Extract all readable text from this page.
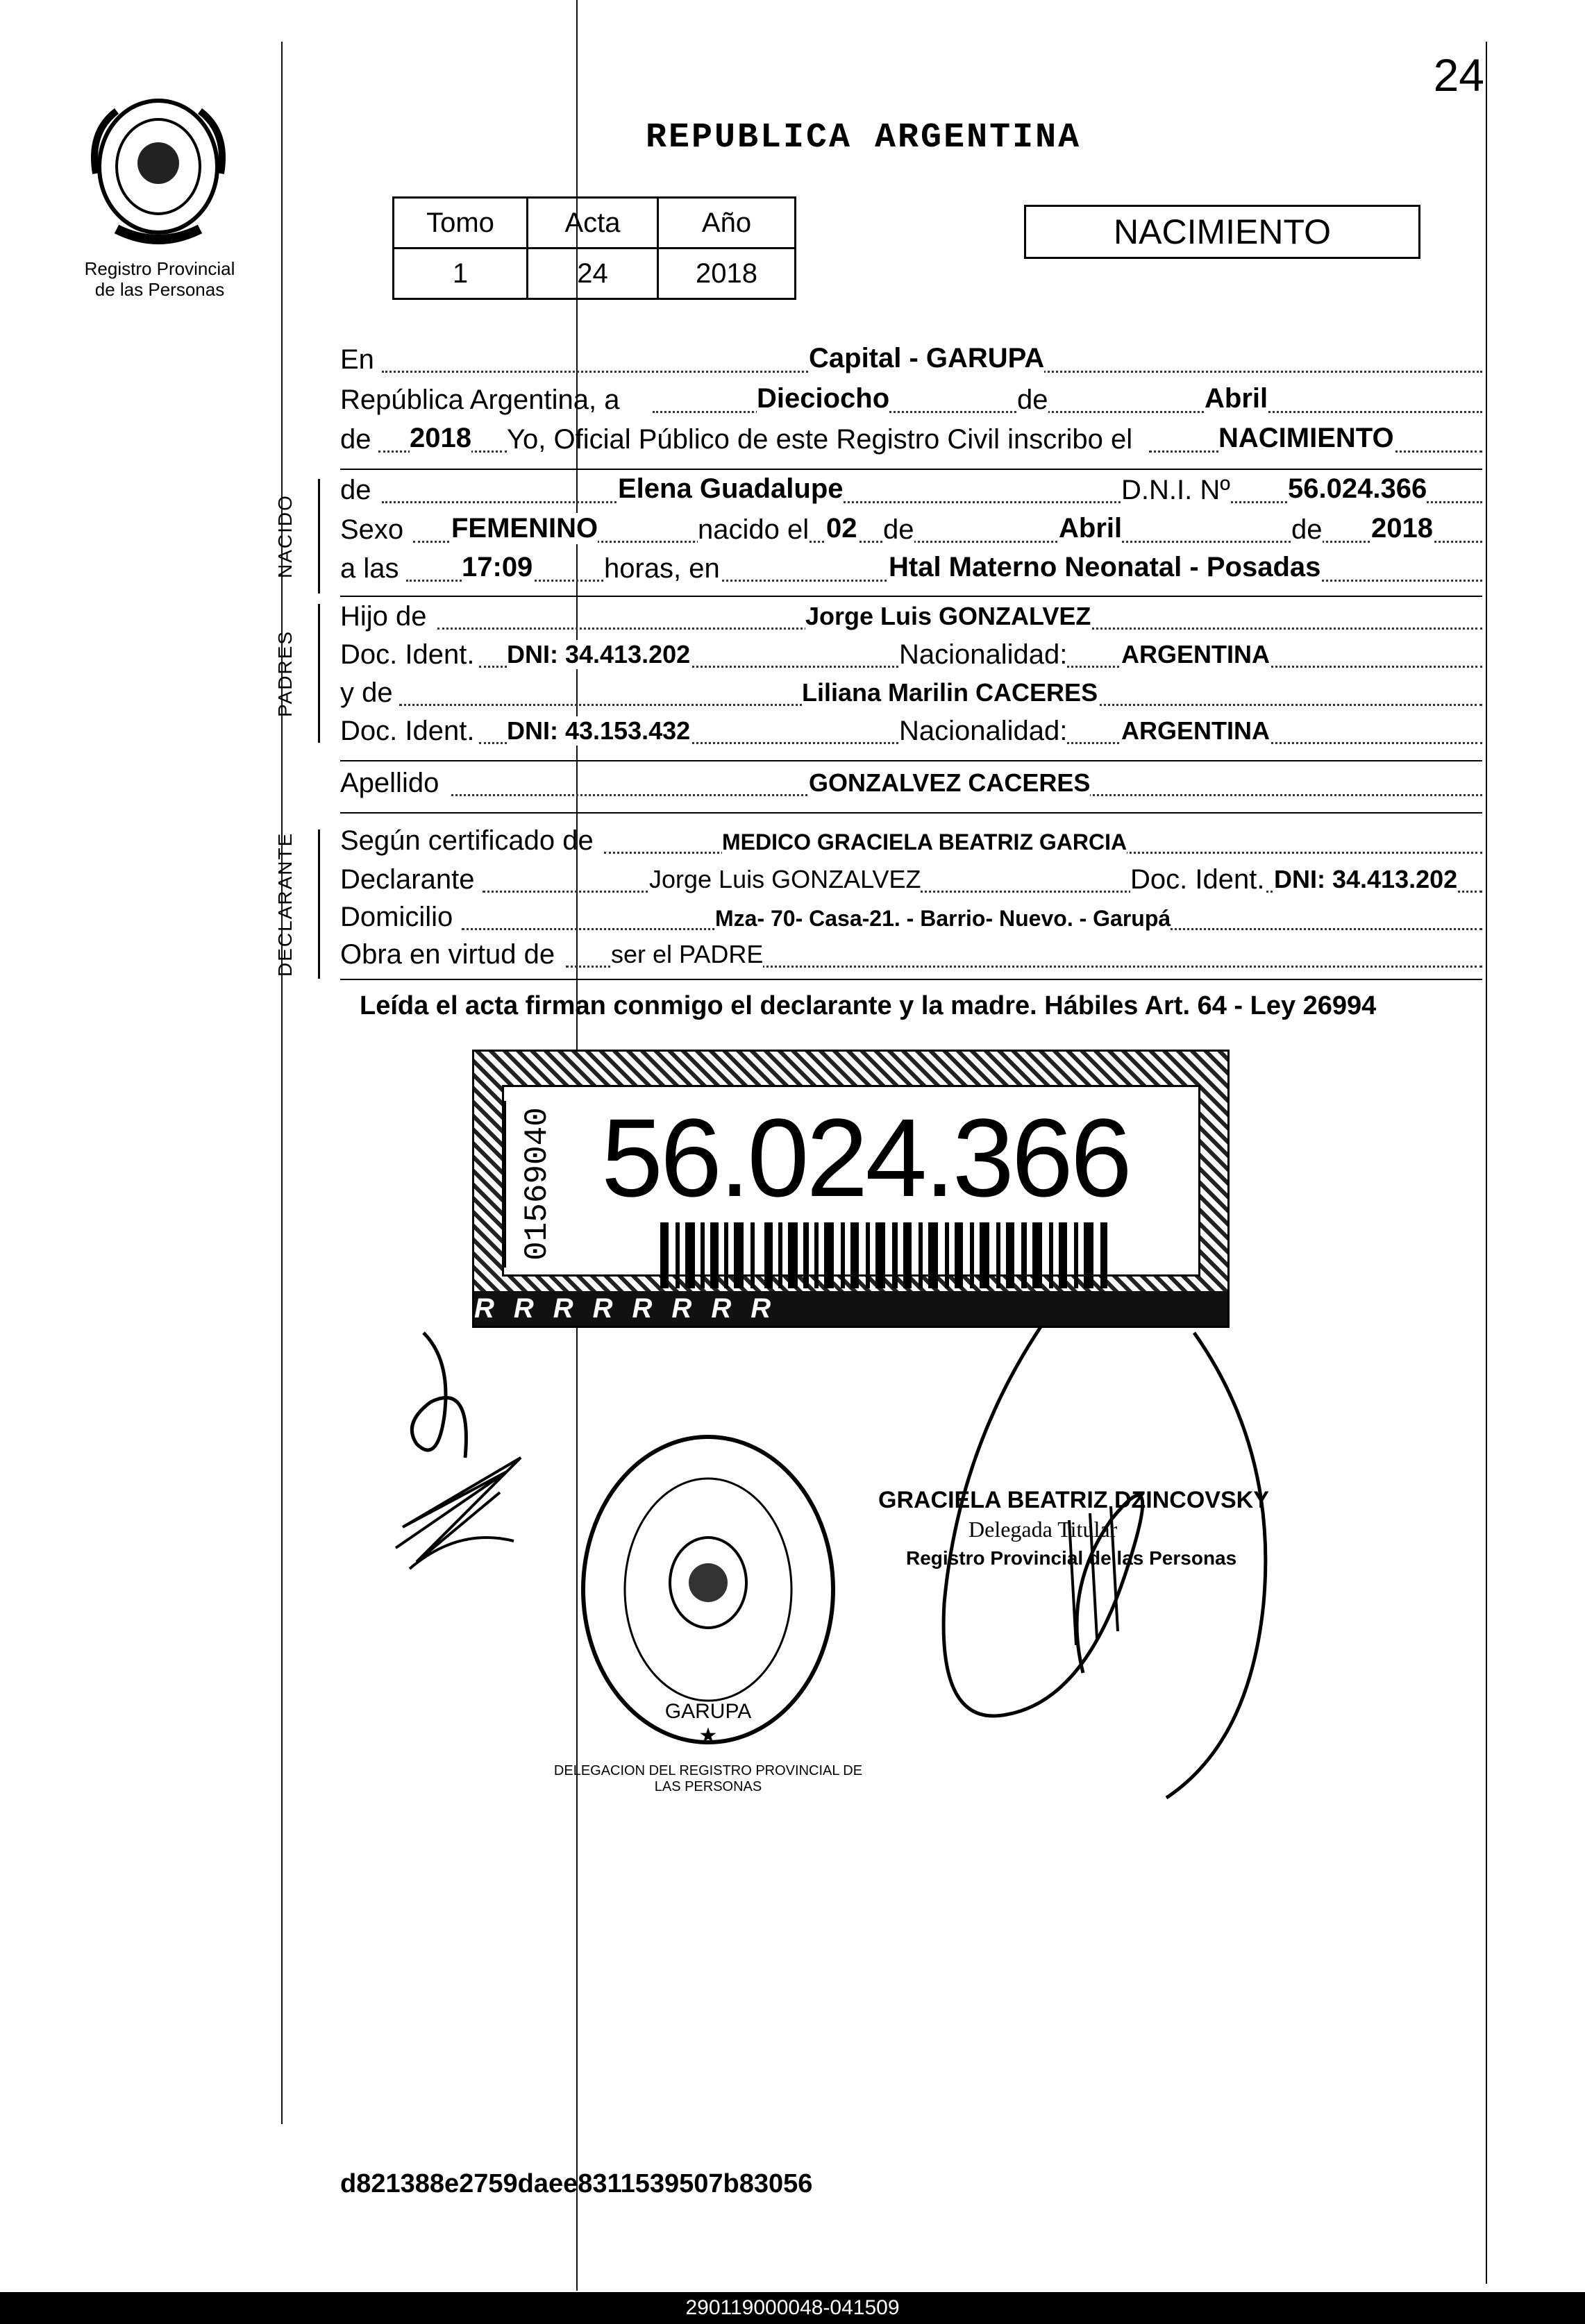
24
REPUBLICA ARGENTINA
Registro Provincial
de las Personas
Tomo	Acta	Año
1	24	2018
NACIMIENTO
En	Capital - GARUPA
República Argentina, a	Dieciocho	de	Abril
de 2018 Yo, Oficial Público de este Registro Civil inscribo el	NACIMIENTO
NACIDO
de	Elena Guadalupe	D.N.I. Nº 56.024.366
Sexo FEMENINO	nacido el 02 de	Abril	de 2018
a las 17:09	horas, en	Htal Materno Neonatal - Posadas
PADRES
Hijo de	Jorge Luis GONZALVEZ
Doc. Ident. DNI: 34.413.202	Nacionalidad: ARGENTINA
y de	Liliana Marilin CACERES
Doc. Ident. DNI: 43.153.432	Nacionalidad: ARGENTINA
Apellido	GONZALVEZ CACERES
DECLARANTE	Según certificado de	MEDICO GRACIELA BEATRIZ GARCIA
Declarante	Jorge Luis GONZALVEZ	Doc. Ident. DNI: 34.413.202
Domicilio	Mza- 70- Casa-21. - Barrio- Nuevo. - Garupá
Obra en virtud de ser el PADRE
Leída el acta firman conmigo el declarante y la madre. Hábiles Art. 64 - Ley 26994
01569040 56.024.366
RRRRRRRR
GARUPA
★
DELEGACION DEL REGISTRO PROVINCIAL DE LAS PERSONAS
GRACIELA BEATRIZ DZINCOVSKY
Delegada Titular
Registro Provincial de las Personas
d821388e2759daee8311539507b83056
290119000048-041509
